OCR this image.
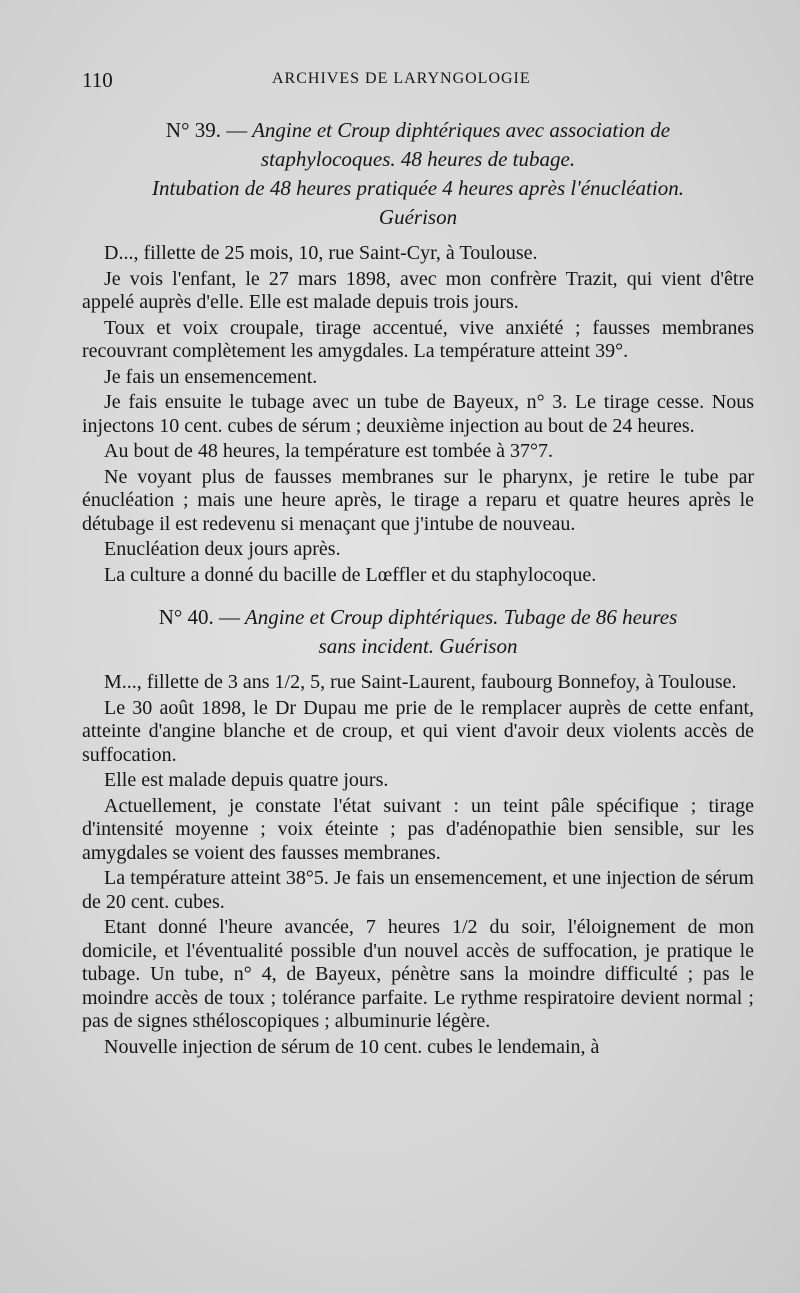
110	ARCHIVES DE LARYNGOLOGIE
N° 39. — Angine et Croup diphtériques avec association de
staphylocoques. 48 heures de tubage.
Intubation de 48 heures pratiquée 4 heures après l'énucléation.
Guérison

D..., fillette de 25 mois, 10, rue Saint-Cyr, à Toulouse.

Je vois l'enfant, le 27 mars 1898, avec mon confrère Trazit, qui vient d'être appelé auprès d'elle. Elle est malade depuis trois jours.

Toux et voix croupale, tirage accentué, vive anxiété ; fausses membranes recouvrant complètement les amygdales. La température atteint 39°.

Je fais un ensemencement.

Je fais ensuite le tubage avec un tube de Bayeux, n° 3. Le tirage cesse. Nous injectons 10 cent. cubes de sérum ; deuxième injection au bout de 24 heures.

Au bout de 48 heures, la température est tombée à 37°7.

Ne voyant plus de fausses membranes sur le pharynx, je retire le tube par énucléation ; mais une heure après, le tirage a reparu et quatre heures après le détubage il est redevenu si menaçant que j'intube de nouveau.

Enucléation deux jours après.

La culture a donné du bacille de Lœffler et du staphylocoque.

N° 40. — Angine et Croup diphtériques. Tubage de 86 heures
sans incident. Guérison

M..., fillette de 3 ans 1/2, 5, rue Saint-Laurent, faubourg Bonnefoy, à Toulouse.

Le 30 août 1898, le Dr Dupau me prie de le remplacer auprès de cette enfant, atteinte d'angine blanche et de croup, et qui vient d'avoir deux violents accès de suffocation.

Elle est malade depuis quatre jours.

Actuellement, je constate l'état suivant : un teint pâle spécifique ; tirage d'intensité moyenne ; voix éteinte ; pas d'adénopathie bien sensible, sur les amygdales se voient des fausses membranes.

La température atteint 38°5. Je fais un ensemencement, et une injection de sérum de 20 cent. cubes.

Etant donné l'heure avancée, 7 heures 1/2 du soir, l'éloignement de mon domicile, et l'éventualité possible d'un nouvel accès de suffocation, je pratique le tubage. Un tube, n° 4, de Bayeux, pénètre sans la moindre difficulté ; pas le moindre accès de toux ; tolérance parfaite. Le rythme respiratoire devient normal ; pas de signes sthéloscopiques ; albuminurie légère.

Nouvelle injection de sérum de 10 cent. cubes le lendemain, à
